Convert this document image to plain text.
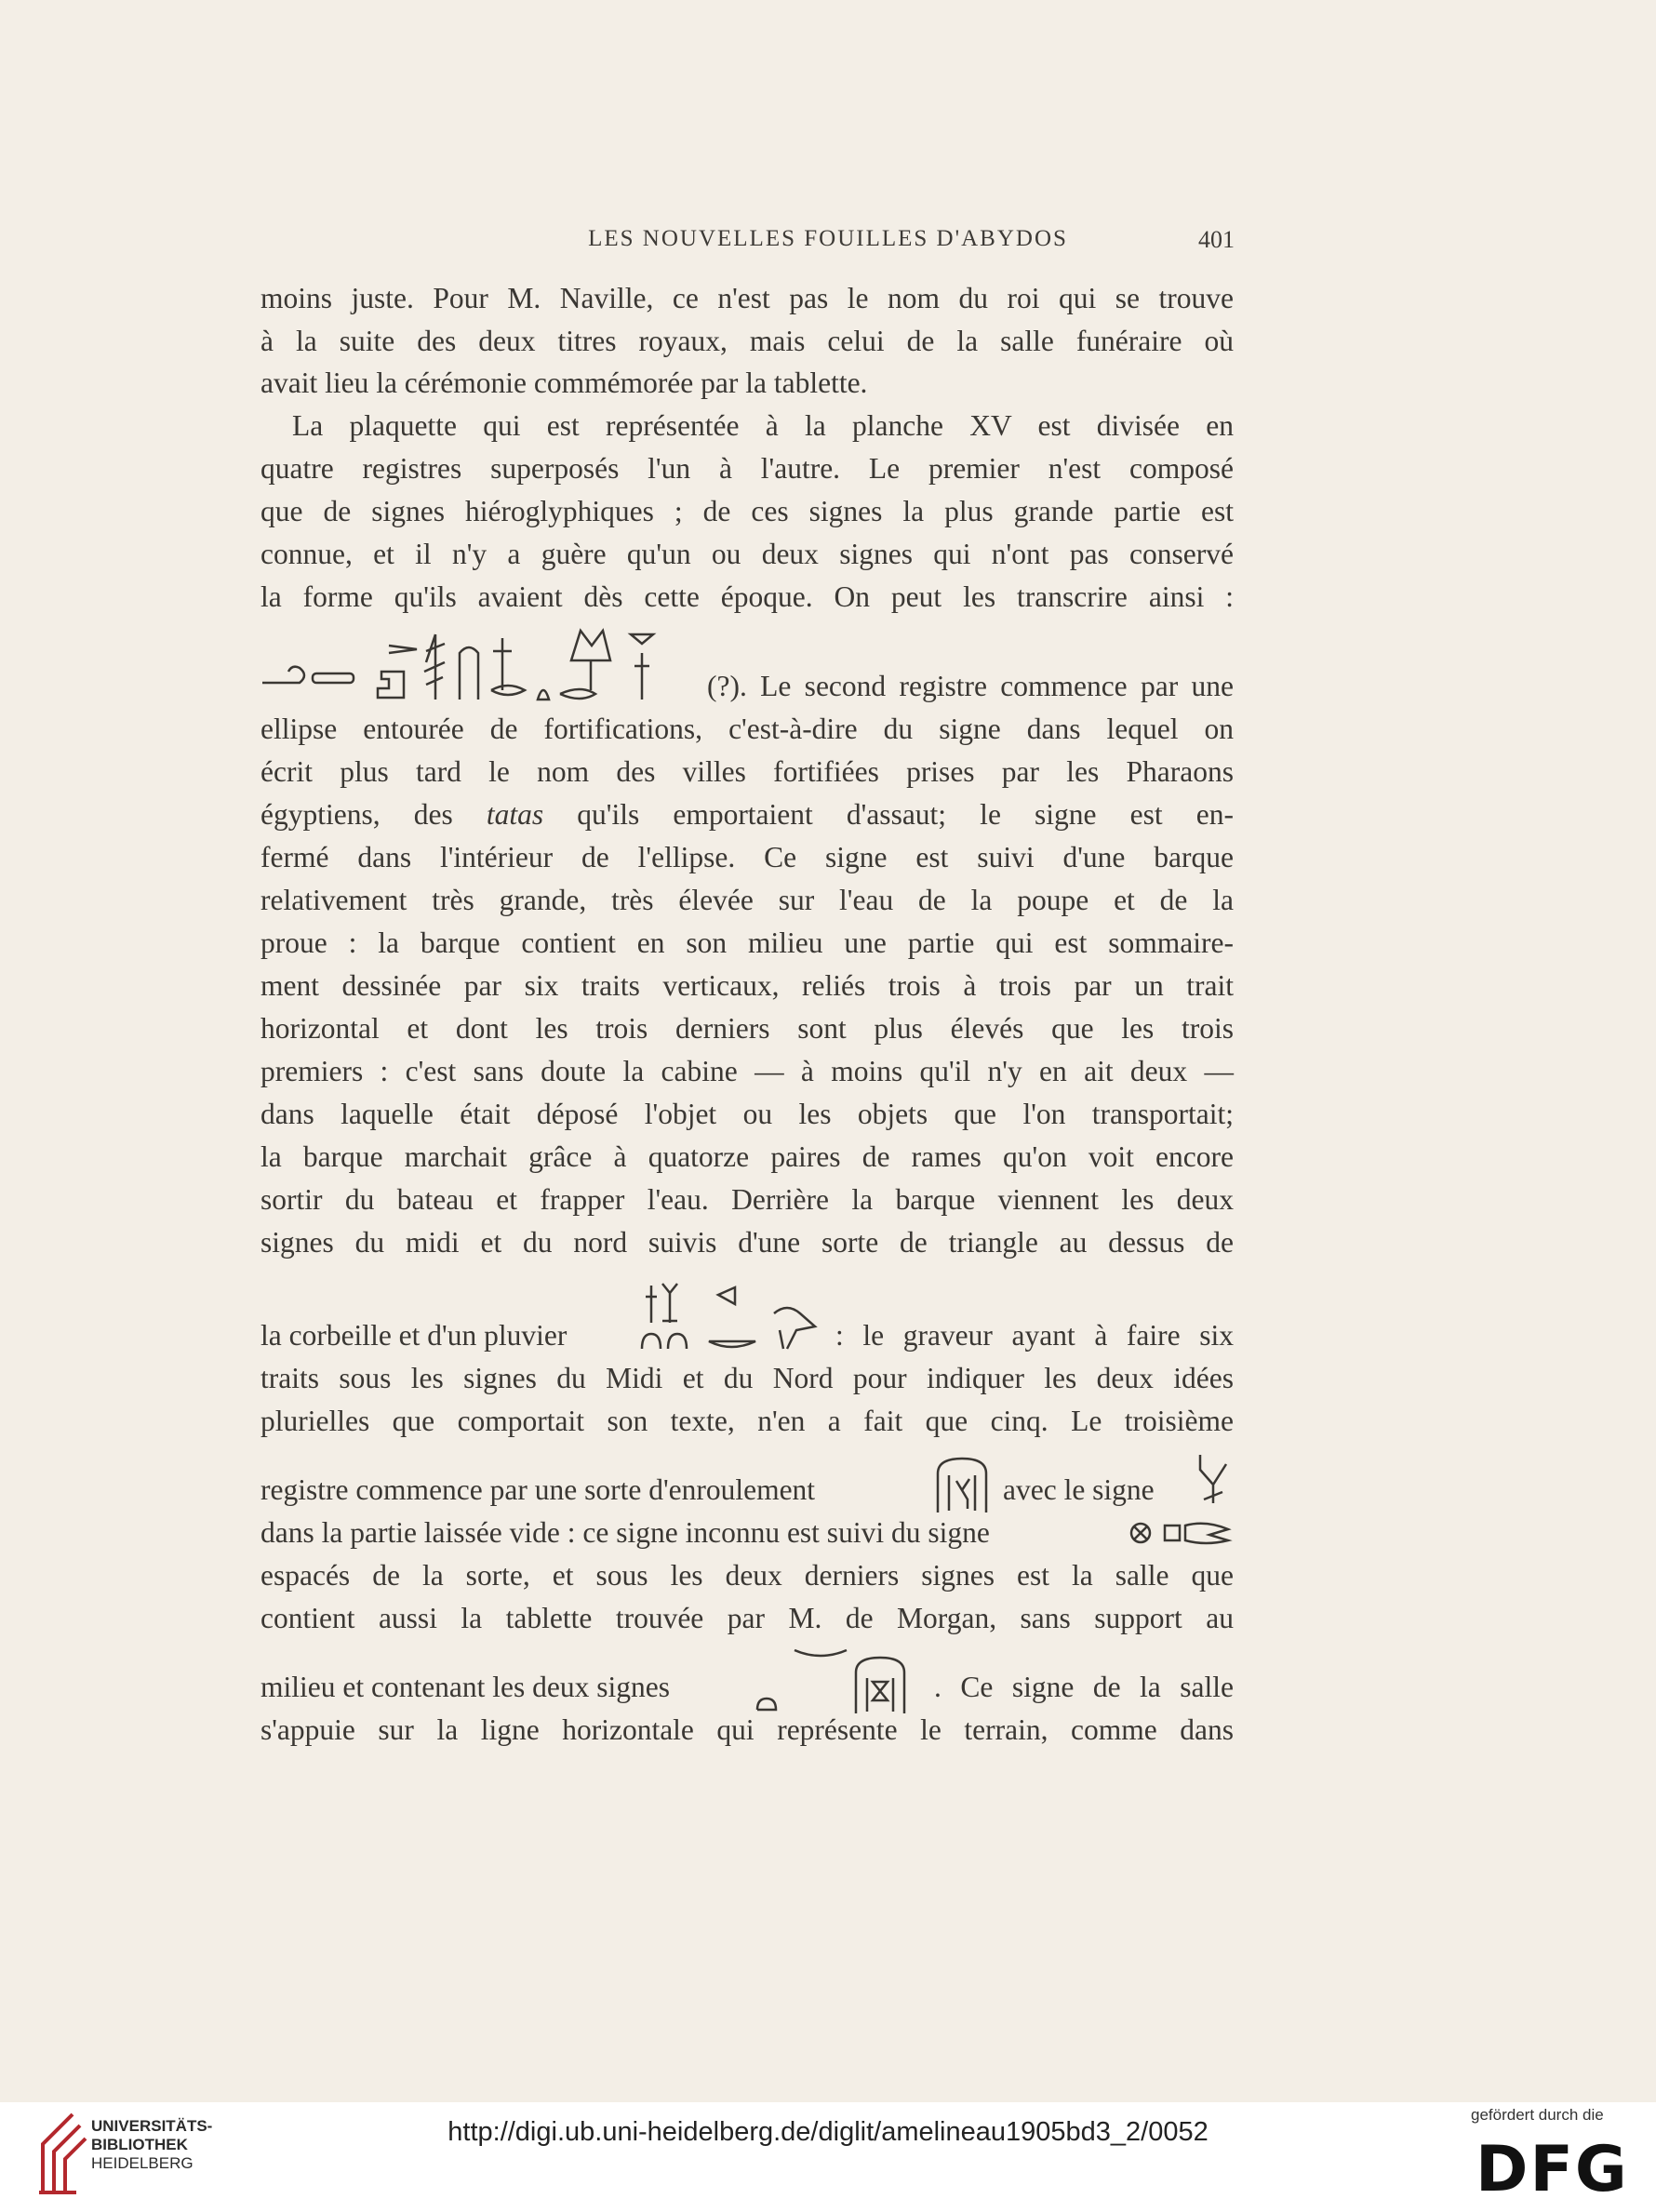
LES NOUVELLES FOUILLES D'ABYDOS	401
moins juste. Pour M. Naville, ce n'est pas le nom du roi qui se trouve
à la suite des deux titres royaux, mais celui de la salle funéraire où
avait lieu la cérémonie commémorée par la tablette.
La plaquette qui est représentée à la planche XV est divisée en
quatre registres superposés l'un à l'autre. Le premier n'est composé
que de signes hiéroglyphiques ; de ces signes la plus grande partie est
connue, et il n'y a guère qu'un ou deux signes qui n'ont pas conservé
la forme qu'ils avaient dès cette époque. On peut les transcrire ainsi :
(?). Le second registre commence par une
ellipse entourée de fortifications, c'est-à-dire du signe dans lequel on
écrit plus tard le nom des villes fortifiées prises par les Pharaons
égyptiens, des tatas qu'ils emportaient d'assaut; le signe est en-
fermé dans l'intérieur de l'ellipse. Ce signe est suivi d'une barque
relativement très grande, très élevée sur l'eau de la poupe et de la
proue : la barque contient en son milieu une partie qui est sommaire-
ment dessinée par six traits verticaux, reliés trois à trois par un trait
horizontal et dont les trois derniers sont plus élevés que les trois
premiers : c'est sans doute la cabine — à moins qu'il n'y en ait deux —
dans laquelle était déposé l'objet ou les objets que l'on transportait;
la barque marchait grâce à quatorze paires de rames qu'on voit encore
sortir du bateau et frapper l'eau. Derrière la barque viennent les deux
signes du midi et du nord suivis d'une sorte de triangle au dessus de
la corbeille et d'un pluvier	: le graveur ayant à faire six
traits sous les signes du Midi et du Nord pour indiquer les deux idées
plurielles que comportait son texte, n'en a fait que cinq. Le troisième
registre commence par une sorte d'enroulement	avec le signe
dans la partie laissée vide : ce signe inconnu est suivi du signe
espacés de la sorte, et sous les deux derniers signes est la salle que
contient aussi la tablette trouvée par M. de Morgan, sans support au
milieu et contenant les deux signes	. Ce signe de la salle
s'appuie sur la ligne horizontale qui représente le terrain, comme dans
UNIVERSITÄTS-
BIBLIOTHEK
HEIDELBERG
http://digi.ub.uni-heidelberg.de/diglit/amelineau1905bd3_2/0052
gefördert durch die
DFG
